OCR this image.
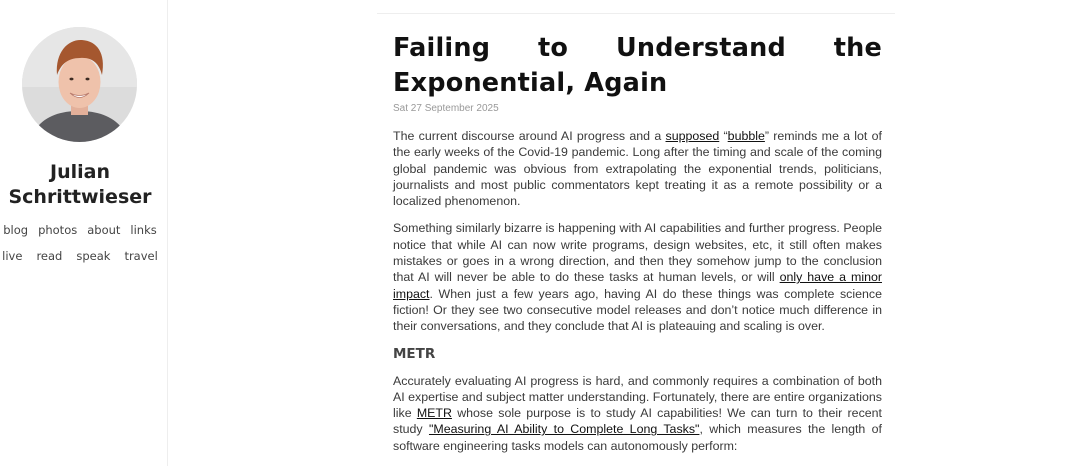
Julian Schrittwieser
blog photos about links
live read speak travel
Failing to Understand the Exponential, Again
Sat 27 September 2025

The current discourse around AI progress and a supposed “bubble” reminds me a lot of the early weeks of the Covid-19 pandemic. Long after the timing and scale of the coming global pandemic was obvious from extrapolating the exponential trends, politicians, journalists and most public commentators kept treating it as a remote possibility or a localized phenomenon.

Something similarly bizarre is happening with AI capabilities and further progress. People notice that while AI can now write programs, design websites, etc, it still often makes mistakes or goes in a wrong direction, and then they somehow jump to the conclusion that AI will never be able to do these tasks at human levels, or will only have a minor impact. When just a few years ago, having AI do these things was complete science fiction! Or they see two consecutive model releases and don’t notice much difference in their conversations, and they conclude that AI is plateauing and scaling is over.

METR

Accurately evaluating AI progress is hard, and commonly requires a combination of both AI expertise and subject matter understanding. Fortunately, there are entire organizations like METR whose sole purpose is to study AI capabilities! We can turn to their recent study "Measuring AI Ability to Complete Long Tasks", which measures the length of software engineering tasks models can autonomously perform:
